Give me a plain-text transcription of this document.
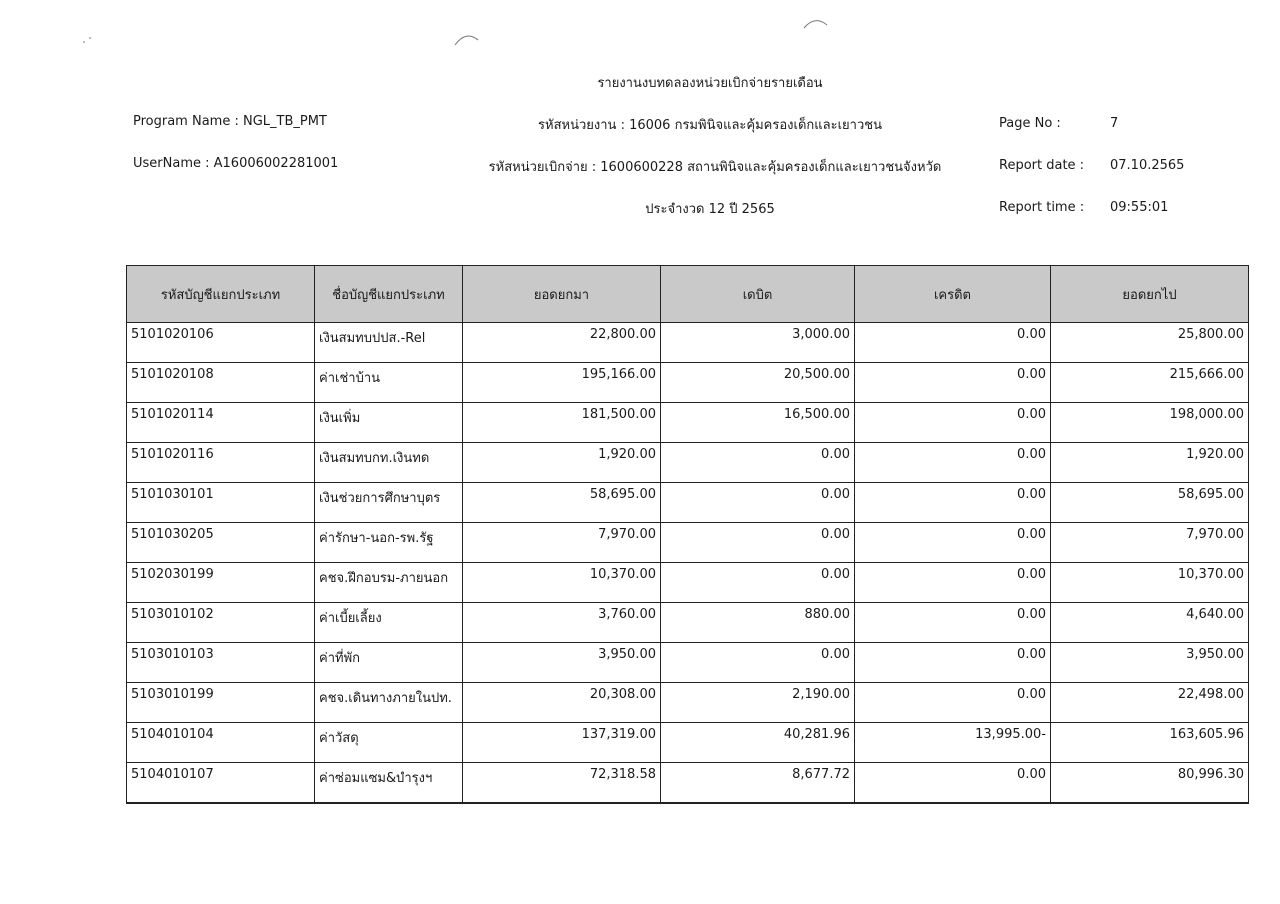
รายงานงบทดลองหน่วยเบิกจ่ายรายเดือน
Program Name : NGL_TB_PMT
UserName : A16006002281001
รหัสหน่วยงาน : 16006 กรมพินิจและคุ้มครองเด็กและเยาวชน
รหัสหน่วยเบิกจ่าย : 1600600228 สถานพินิจและคุ้มครองเด็กและเยาวชนจังหวัด
ประจำงวด 12 ปี 2565
Page No :	7
Report date : 07.10.2565
Report time : 09:55:01
รหัสบัญชีแยกประเภท	ชื่อบัญชีแยกประเภท	ยอดยกมา	เดบิต	เครดิต	ยอดยกไป
5101020106	เงินสมทบปปส.-Rel	22,800.00	3,000.00	0.00	25,800.00
5101020108	ค่าเช่าบ้าน	195,166.00	20,500.00	0.00	215,666.00
5101020114	เงินเพิ่ม	181,500.00	16,500.00	0.00	198,000.00
5101020116	เงินสมทบกท.เงินทด	1,920.00	0.00	0.00	1,920.00
5101030101	เงินช่วยการศึกษาบุตร	58,695.00	0.00	0.00	58,695.00
5101030205	ค่ารักษา-นอก-รพ.รัฐ	7,970.00	0.00	0.00	7,970.00
5102030199	คชจ.ฝึกอบรม-ภายนอก	10,370.00	0.00	0.00	10,370.00
5103010102	ค่าเบี้ยเลี้ยง	3,760.00	880.00	0.00	4,640.00
5103010103	ค่าที่พัก	3,950.00	0.00	0.00	3,950.00
5103010199	คชจ.เดินทางภายในปท.	20,308.00	2,190.00	0.00	22,498.00
5104010104	ค่าวัสดุ	137,319.00	40,281.96	13,995.00-	163,605.96
5104010107	ค่าซ่อมแซม&บำรุงฯ	72,318.58	8,677.72	0.00	80,996.30
